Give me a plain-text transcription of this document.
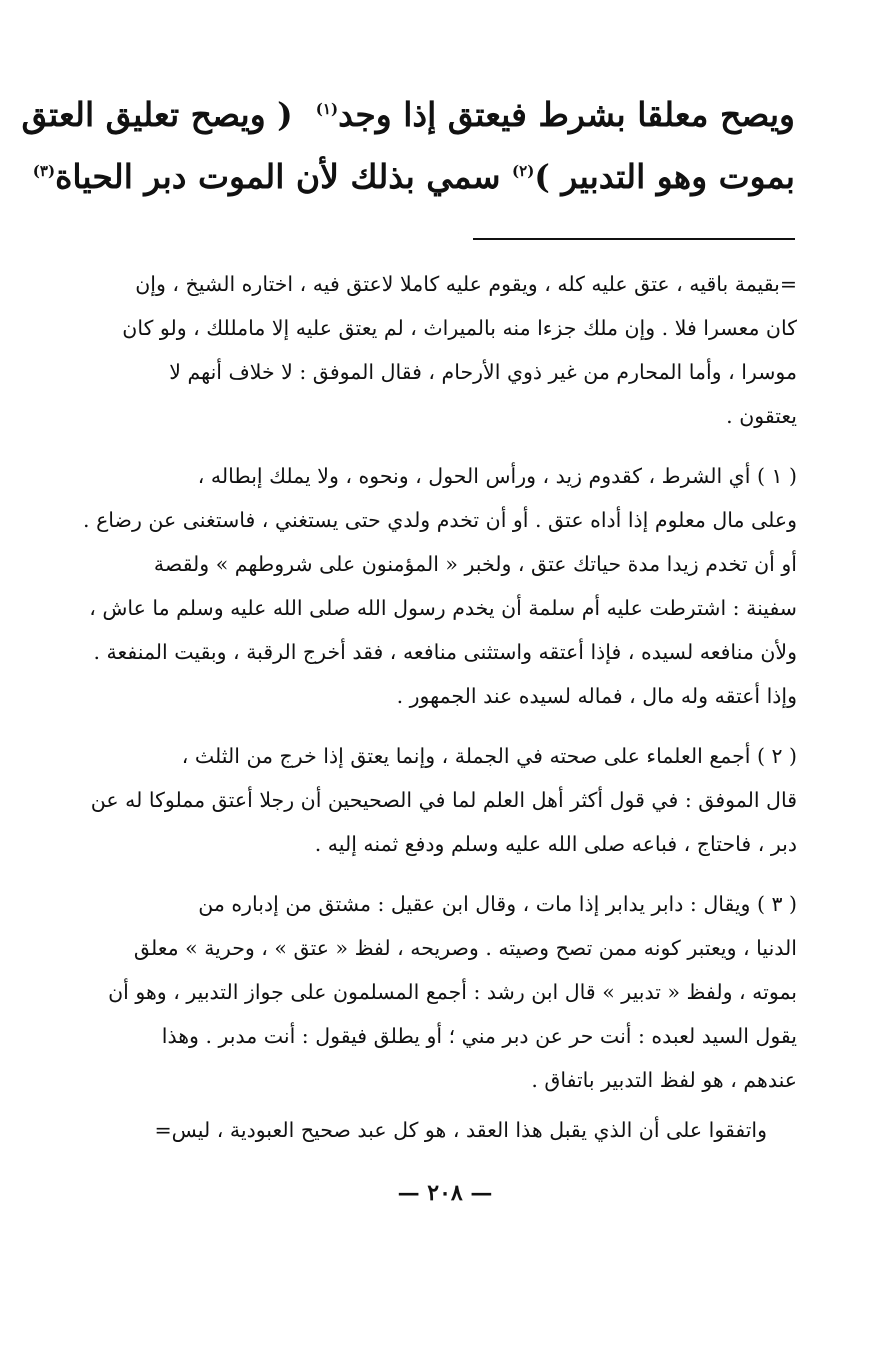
ويصح معلقا بشرط فيعتق إذا وجد$^{(١)}$  ( ويصح تعليق العتق
بموت وهو التدبير )$^{(٢)}$ سمي بذلك لأن الموت دبر الحياة$^{(٣)}$
=بقيمة باقيه ، عتق عليه كله ، ويقوم عليه كاملا لاعتق فيه ، اختاره الشيخ ، وإن
كان معسرا فلا . وإن ملك جزءا منه بالميراث ، لم يعتق عليه إلا مامللك ، ولو كان
موسرا ، وأما المحارم من غير ذوي الأرحام ، فقال الموفق : لا خلاف أنهم لا
يعتقون .
( ١ ) أي الشرط ، كقدوم زيد ، ورأس الحول ، ونحوه ، ولا يملك إبطاله ،
وعلى مال معلوم إذا أداه عتق . أو أن تخدم ولدي حتى يستغني ، فاستغنى عن رضاع .
أو أن تخدم زيدا مدة حياتك عتق ، ولخبر « المؤمنون على شروطهم » ولقصة
سفينة : اشترطت عليه أم سلمة أن يخدم رسول الله صلى الله عليه وسلم ما عاش ،
ولأن منافعه لسيده ، فإذا أعتقه واستثنى منافعه ، فقد أخرج الرقبة ، وبقيت المنفعة .
وإذا أعتقه وله مال ، فماله لسيده عند الجمهور .
( ٢ ) أجمع العلماء على صحته في الجملة ، وإنما يعتق إذا خرج من الثلث ،
قال الموفق : في قول أكثر أهل العلم لما في الصحيحين أن رجلا أعتق مملوكا له عن
دبر ، فاحتاج ، فباعه صلى الله عليه وسلم ودفع ثمنه إليه .
( ٣ ) ويقال : دابر يدابر إذا مات ، وقال ابن عقيل : مشتق من إدباره من
الدنيا ، ويعتبر كونه ممن تصح وصيته . وصريحه ، لفظ « عتق » ، وحرية » معلق
بموته ، ولفظ « تدبير » قال ابن رشد : أجمع المسلمون على جواز التدبير ، وهو أن
يقول السيد لعبده : أنت حر عن دبر مني ؛ أو يطلق فيقول : أنت مدبر . وهذا
عندهم ، هو لفظ التدبير باتفاق .
واتفقوا على أن الذي يقبل هذا العقد ، هو كل عبد صحيح العبودية ، ليس=
— ٢٠٨ —
